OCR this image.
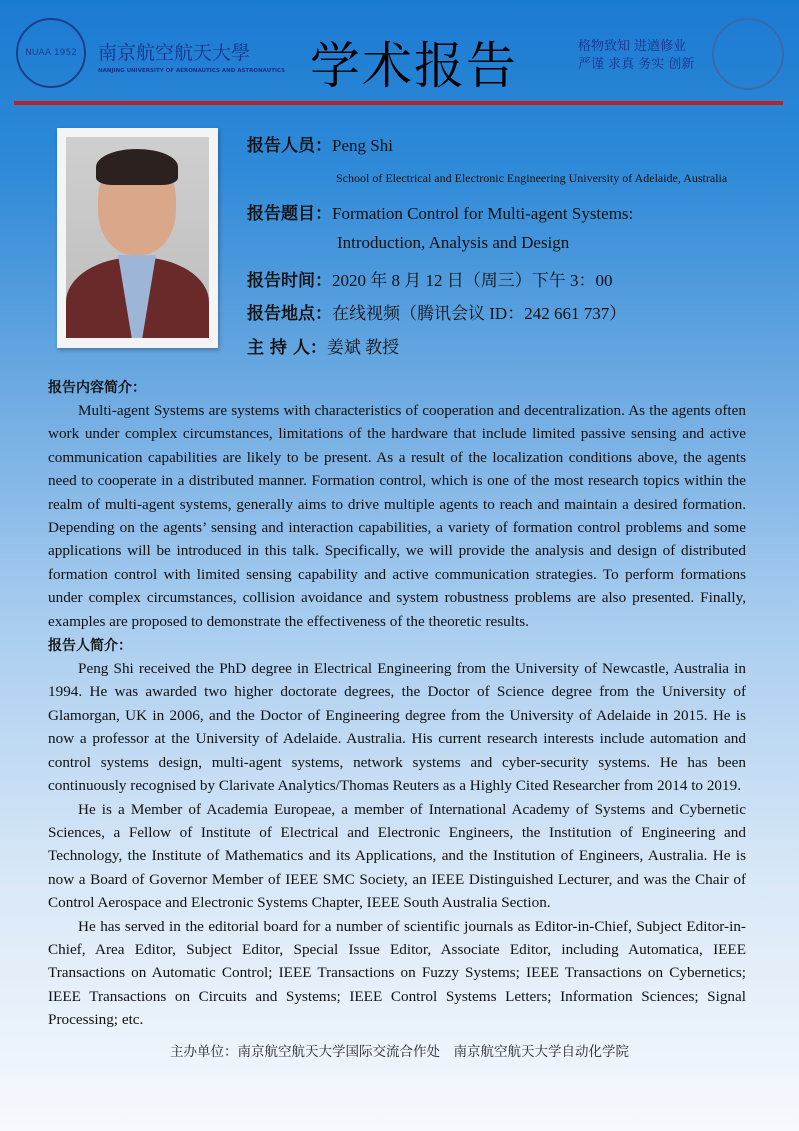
NUAA 1952 南京航空航天大學
NANJING UNIVERSITY OF AERONAUTICS AND ASTRONAUTICS 学术报告	格物致知 进遒修业
严谨 求真 务实 创新
报告人员：Peng Shi
School of Electrical and Electronic Engineering University of Adelaide, Australia
报告题目：Formation Control for Multi-agent Systems:
Introduction, Analysis and Design
报告时间：2020 年 8 月 12 日（周三）下午 3：00
报告地点：在线视频（腾讯会议 ID：242 661 737）
主 持 人：姜斌 教授
报告内容简介：

Multi-agent Systems are systems with characteristics of cooperation and decentralization. As the agents often work under complex circumstances, limitations of the hardware that include limited passive sensing and active communication capabilities are likely to be present. As a result of the localization conditions above, the agents need to cooperate in a distributed manner. Formation control, which is one of the most research topics within the realm of multi-agent systems, generally aims to drive multiple agents to reach and maintain a desired formation. Depending on the agents’ sensing and interaction capabilities, a variety of formation control problems and some applications will be introduced in this talk. Specifically, we will provide the analysis and design of distributed formation control with limited sensing capability and active communication strategies. To perform formations under complex circumstances, collision avoidance and system robustness problems are also presented. Finally, examples are proposed to demonstrate the effectiveness of the theoretic results.

报告人简介：

Peng Shi received the PhD degree in Electrical Engineering from the University of Newcastle, Australia in 1994. He was awarded two higher doctorate degrees, the Doctor of Science degree from the University of Glamorgan, UK in 2006, and the Doctor of Engineering degree from the University of Adelaide in 2015. He is now a professor at the University of Adelaide. Australia. His current research interests include automation and control systems design, multi-agent systems, network systems and cyber-security systems. He has been continuously recognised by Clarivate Analytics/Thomas Reuters as a Highly Cited Researcher from 2014 to 2019.

He is a Member of Academia Europeae, a member of International Academy of Systems and Cybernetic Sciences, a Fellow of Institute of Electrical and Electronic Engineers, the Institution of Engineering and Technology, the Institute of Mathematics and its Applications, and the Institution of Engineers, Australia. He is now a Board of Governor Member of IEEE SMC Society, an IEEE Distinguished Lecturer, and was the Chair of Control Aerospace and Electronic Systems Chapter, IEEE South Australia Section.

He has served in the editorial board for a number of scientific journals as Editor-in-Chief, Subject Editor-in-Chief, Area Editor, Subject Editor, Special Issue Editor, Associate Editor, including Automatica, IEEE Transactions on Automatic Control; IEEE Transactions on Fuzzy Systems; IEEE Transactions on Cybernetics; IEEE Transactions on Circuits and Systems; IEEE Control Systems Letters; Information Sciences; Signal Processing; etc.

主办单位：南京航空航天大学国际交流合作处　南京航空航天大学自动化学院
